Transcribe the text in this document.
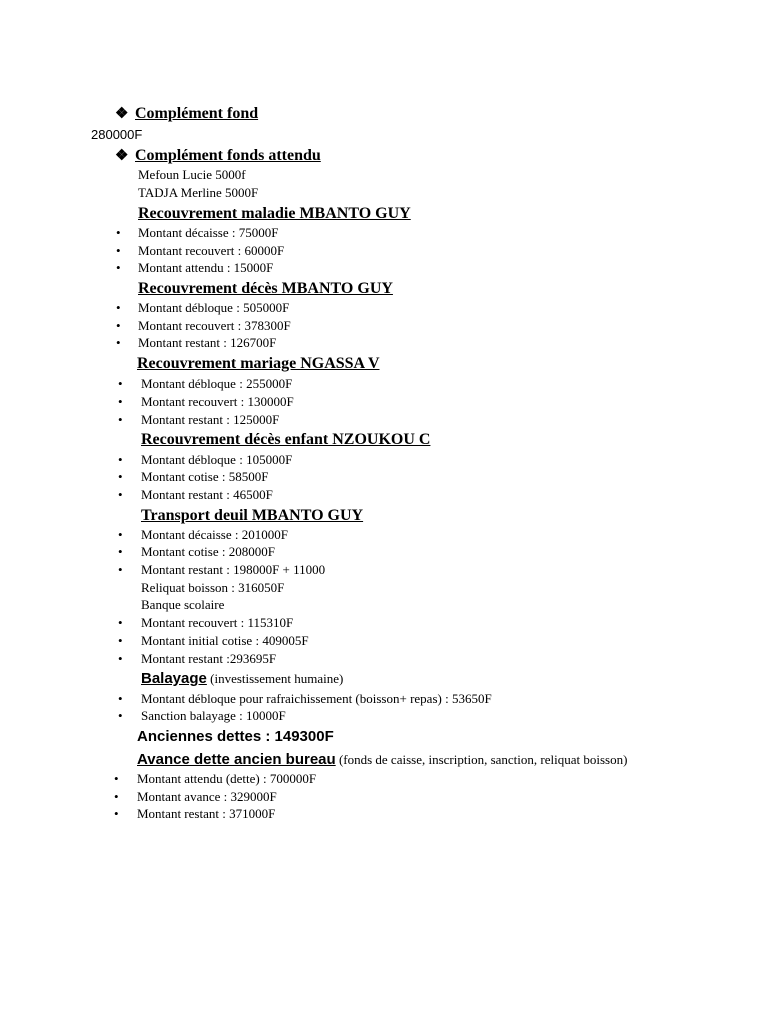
❖ Complément fond
280000F
❖ Complément fonds attendu
Mefoun Lucie 5000f
TADJA Merline 5000F
Recouvrement maladie MBANTO GUY
• Montant décaisse : 75000F
• Montant recouvert : 60000F
• Montant attendu : 15000F
Recouvrement décès MBANTO GUY
• Montant débloque : 505000F
• Montant recouvert : 378300F
• Montant restant : 126700F
Recouvrement mariage NGASSA V
• Montant débloque : 255000F
• Montant recouvert : 130000F
• Montant restant : 125000F
Recouvrement décès enfant NZOUKOU C
• Montant débloque : 105000F
• Montant cotise : 58500F
• Montant restant : 46500F
Transport deuil MBANTO GUY
• Montant décaisse : 201000F
• Montant cotise : 208000F
• Montant restant : 198000F + 11000
Reliquat boisson : 316050F
Banque scolaire
• Montant recouvert : 115310F
• Montant initial cotise : 409005F
• Montant restant :293695F
Balayage (investissement humaine)
• Montant débloque pour rafraichissement (boisson+ repas) : 53650F
• Sanction balayage : 10000F
Anciennes dettes : 149300F
Avance dette ancien bureau (fonds de caisse, inscription, sanction, reliquat boisson)
• Montant attendu (dette) : 700000F
• Montant avance : 329000F
• Montant restant : 371000F
